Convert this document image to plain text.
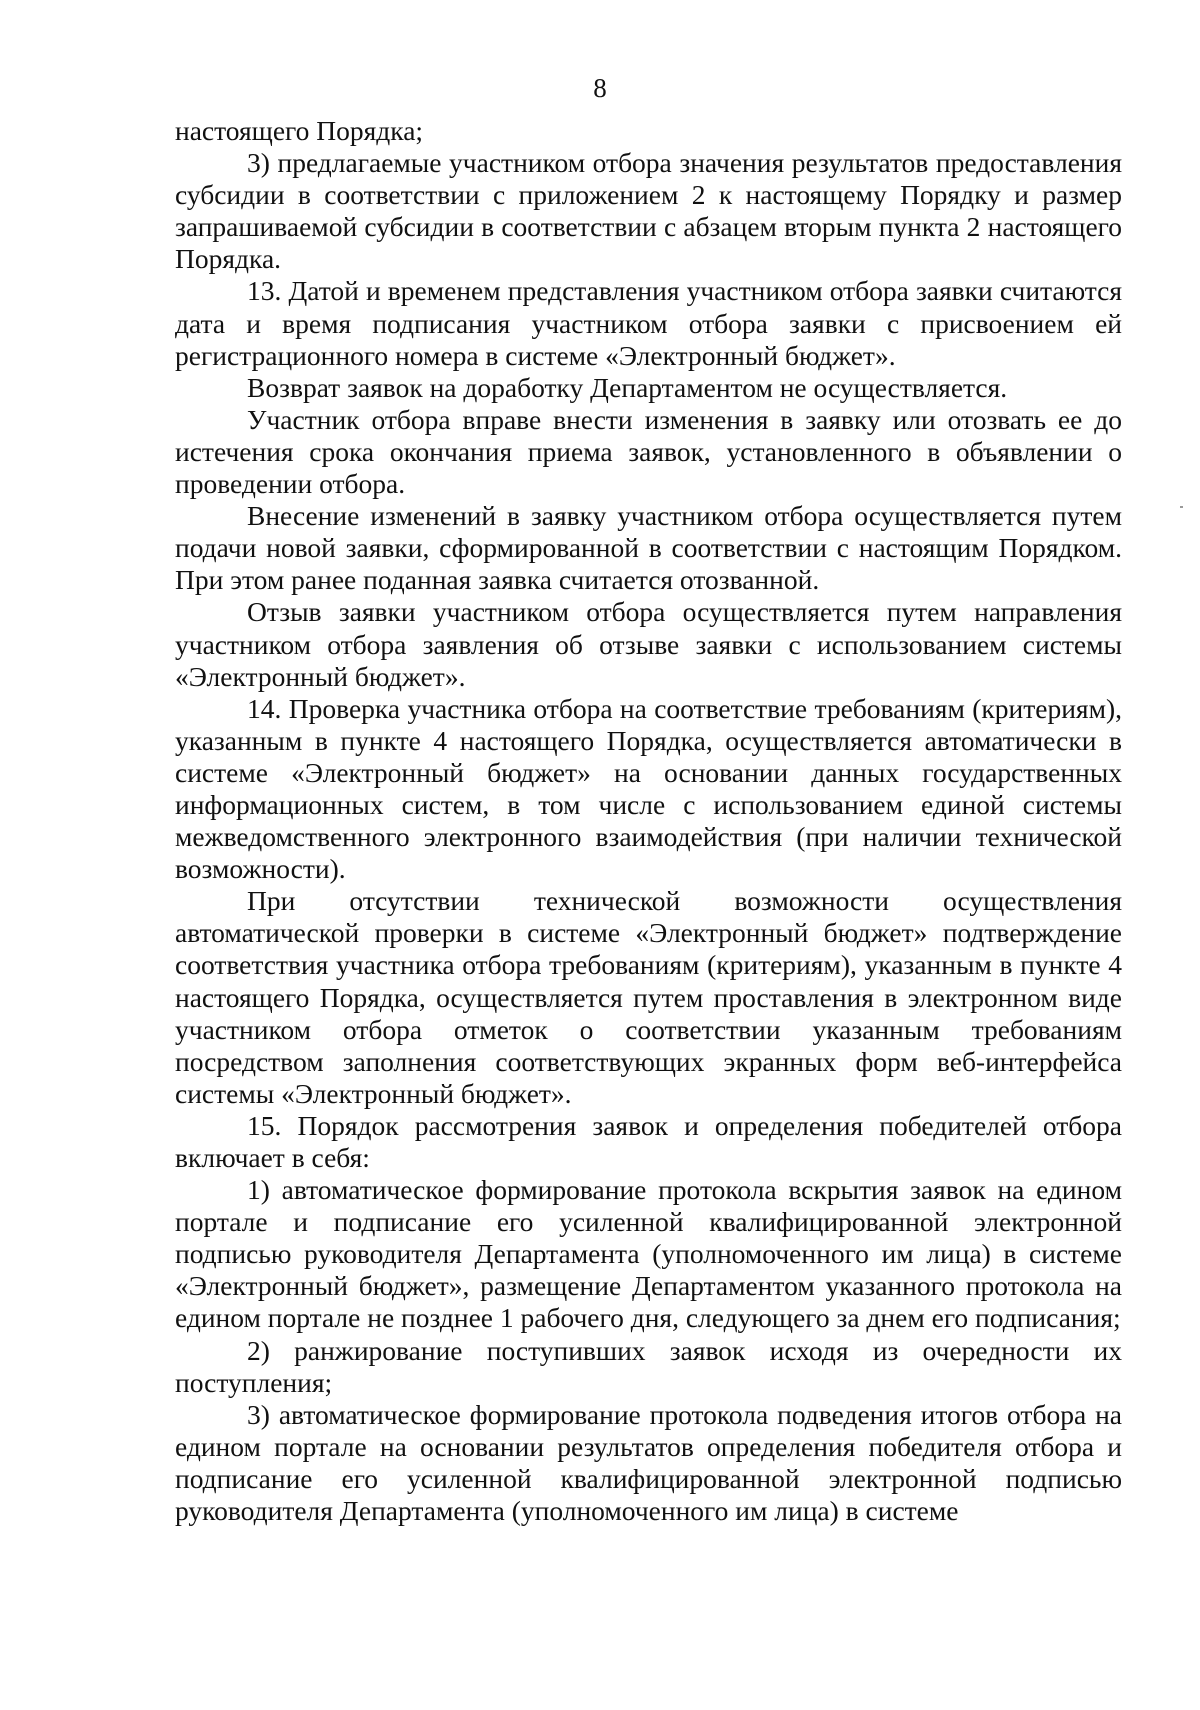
8

настоящего Порядка;

3) предлагаемые участником отбора значения результатов предоставления субсидии в соответствии с приложением 2 к настоящему Порядку и размер запрашиваемой субсидии в соответствии с абзацем вторым пункта 2 настоящего Порядка.

13. Датой и временем представления участником отбора заявки считаются дата и время подписания участником отбора заявки с присвоением ей регистрационного номера в системе «Электронный бюджет».

Возврат заявок на доработку Департаментом не осуществляется.

Участник отбора вправе внести изменения в заявку или отозвать ее до истечения срока окончания приема заявок, установленного в объявлении о проведении отбора.

Внесение изменений в заявку участником отбора осуществляется путем подачи новой заявки, сформированной в соответствии с настоящим Порядком. При этом ранее поданная заявка считается отозванной.

Отзыв заявки участником отбора осуществляется путем направления участником отбора заявления об отзыве заявки с использованием системы «Электронный бюджет».

14. Проверка участника отбора на соответствие требованиям (критериям), указанным в пункте 4 настоящего Порядка, осуществляется автоматически в системе «Электронный бюджет» на основании данных государственных информационных систем, в том числе с использованием единой системы межведомственного электронного взаимодействия (при наличии технической возможности).

При отсутствии технической возможности осуществления автоматической проверки в системе «Электронный бюджет» подтверждение соответствия участника отбора требованиям (критериям), указанным в пункте 4 настоящего Порядка, осуществляется путем проставления в электронном виде участником отбора отметок о соответствии указанным требованиям посредством заполнения соответствующих экранных форм веб-интерфейса системы «Электронный бюджет».

15. Порядок рассмотрения заявок и определения победителей отбора включает в себя:

1) автоматическое формирование протокола вскрытия заявок на едином портале и подписание его усиленной квалифицированной электронной подписью руководителя Департамента (уполномоченного им лица) в системе «Электронный бюджет», размещение Департаментом указанного протокола на едином портале не позднее 1 рабочего дня, следующего за днем его подписания;

2) ранжирование поступивших заявок исходя из очередности их поступления;

3) автоматическое формирование протокола подведения итогов отбора на едином портале на основании результатов определения победителя отбора и подписание его усиленной квалифицированной электронной подписью руководителя Департамента (уполномоченного им лица) в системе
